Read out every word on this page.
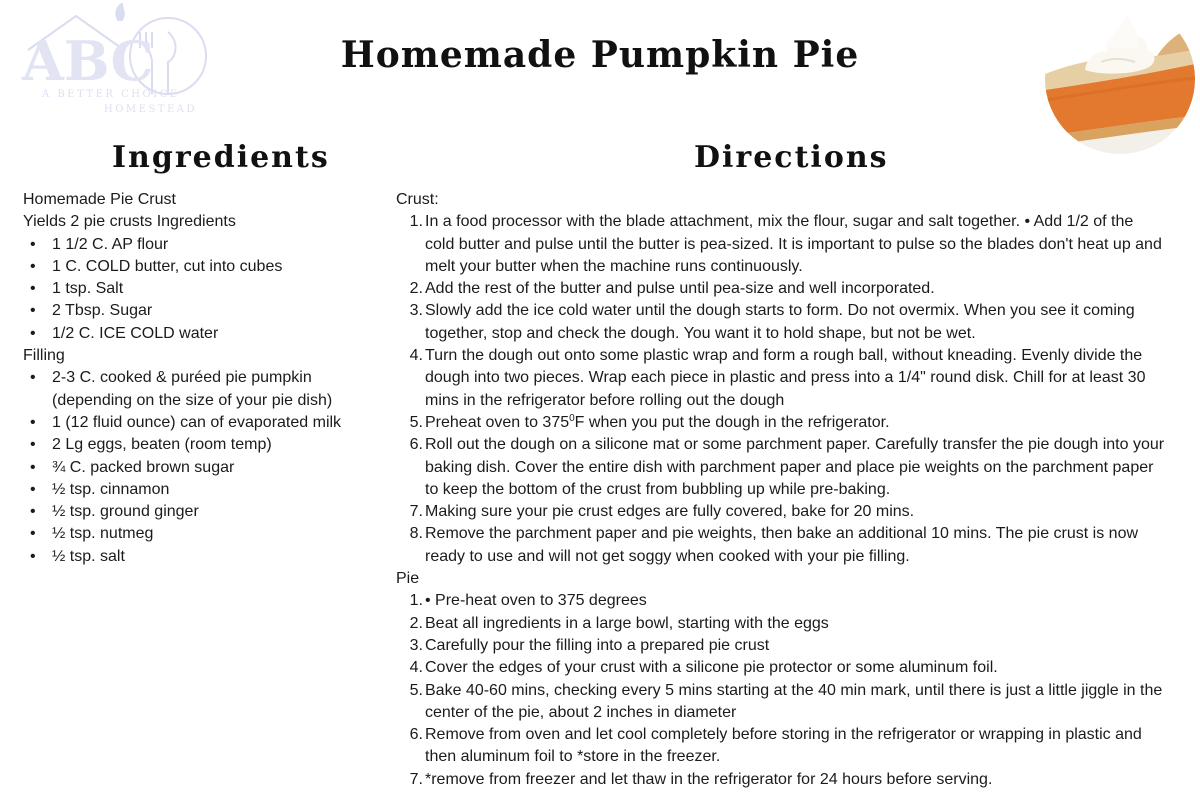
ABC
A BETTER CHOICE
HOMESTEAD
Homemade Pumpkin Pie
Ingredients	Directions

Homemade Pie Crust

Yields 2 pie crusts Ingredients

• 1 1/2 C. AP flour
• 1 C. COLD butter, cut into cubes
• 1 tsp. Salt
• 2 Tbsp. Sugar
• 1/2 C. ICE COLD water

Filling

• 2-3 C. cooked & puréed pie pumpkin (depending on the size of your pie dish)
• 1 (12 fluid ounce) can of evaporated milk
• 2 Lg eggs, beaten (room temp)
• ¾ C. packed brown sugar
• ½ tsp. cinnamon
• ½ tsp. ground ginger
• ½ tsp. nutmeg
• ½ tsp. salt

Crust:

1. In a food processor with the blade attachment, mix the flour, sugar and salt together. • Add 1/2 of the cold butter and pulse until the butter is pea-sized. It is important to pulse so the blades don't heat up and melt your butter when the machine runs continuously.
2. Add the rest of the butter and pulse until pea-size and well incorporated.
3. Slowly add the ice cold water until the dough starts to form. Do not overmix. When you see it coming together, stop and check the dough. You want it to hold shape, but not be wet.
4. Turn the dough out onto some plastic wrap and form a rough ball, without kneading. Evenly divide the dough into two pieces. Wrap each piece in plastic and press into a 1/4" round disk. Chill for at least 30 mins in the refrigerator before rolling out the dough
5. Preheat oven to $375^0F$ when you put the dough in the refrigerator.
6. Roll out the dough on a silicone mat or some parchment paper. Carefully transfer the pie dough into your baking dish. Cover the entire dish with parchment paper and place pie weights on the parchment paper to keep the bottom of the crust from bubbling up while pre-baking.
7. Making sure your pie crust edges are fully covered, bake for 20 mins.
8. Remove the parchment paper and pie weights, then bake an additional 10 mins. The pie crust is now ready to use and will not get soggy when cooked with your pie filling.

Pie

1. • Pre-heat oven to 375 degrees
2. Beat all ingredients in a large bowl, starting with the eggs
3. Carefully pour the filling into a prepared pie crust
4. Cover the edges of your crust with a silicone pie protector or some aluminum foil.
5. Bake 40-60 mins, checking every 5 mins starting at the 40 min mark, until there is just a little jiggle in the center of the pie, about 2 inches in diameter
6. Remove from oven and let cool completely before storing in the refrigerator or wrapping in plastic and then aluminum foil to *store in the freezer.
7. *remove from freezer and let thaw in the refrigerator for 24 hours before serving.
